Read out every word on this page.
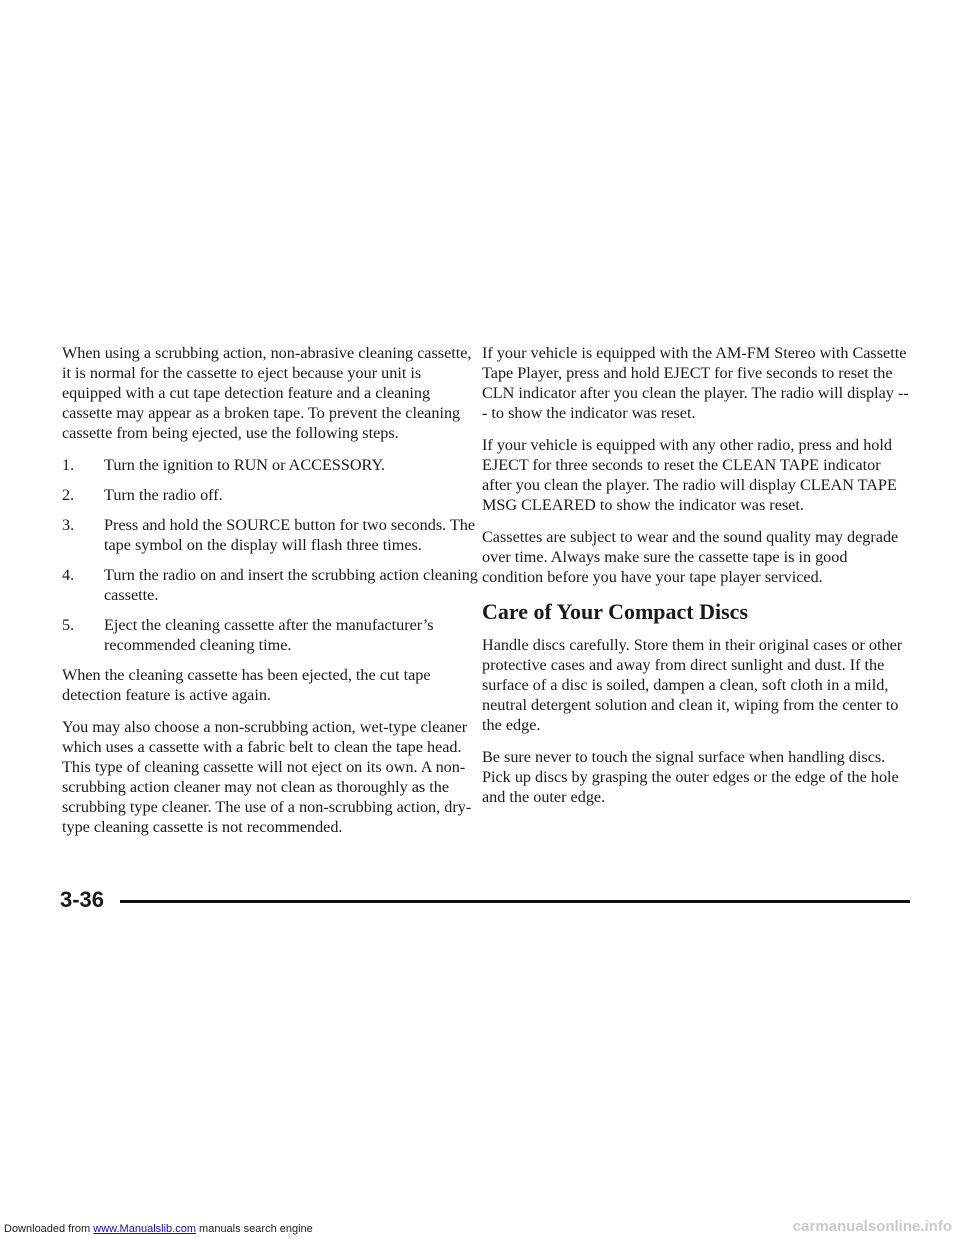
When using a scrubbing action, non-abrasive cleaning cassette, it is normal for the cassette to eject because your unit is equipped with a cut tape detection feature and a cleaning cassette may appear as a broken tape. To prevent the cleaning cassette from being ejected, use the following steps.

1.	Turn the ignition to RUN or ACCESSORY.
2.	Turn the radio off.
3.	Press and hold the SOURCE button for two seconds. The tape symbol on the display will flash three times.
4.	Turn the radio on and insert the scrubbing action cleaning cassette.
5.	Eject the cleaning cassette after the manufacturer’s recommended cleaning time.

When the cleaning cassette has been ejected, the cut tape detection feature is active again.

You may also choose a non-scrubbing action, wet-type cleaner which uses a cassette with a fabric belt to clean the tape head. This type of cleaning cassette will not eject on its own. A non-scrubbing action cleaner may not clean as thoroughly as the scrubbing type cleaner. The use of a non-scrubbing action, dry-type cleaning cassette is not recommended.

If your vehicle is equipped with the AM-FM Stereo with Cassette Tape Player, press and hold EJECT for five seconds to reset the CLN indicator after you clean the player. The radio will display --- to show the indicator was reset.

If your vehicle is equipped with any other radio, press and hold EJECT for three seconds to reset the CLEAN TAPE indicator after you clean the player. The radio will display CLEAN TAPE MSG CLEARED to show the indicator was reset.

Cassettes are subject to wear and the sound quality may degrade over time. Always make sure the cassette tape is in good condition before you have your tape player serviced.

Care of Your Compact Discs

Handle discs carefully. Store them in their original cases or other protective cases and away from direct sunlight and dust. If the surface of a disc is soiled, dampen a clean, soft cloth in a mild, neutral detergent solution and clean it, wiping from the center to the edge.

Be sure never to touch the signal surface when handling discs. Pick up discs by grasping the outer edges or the edge of the hole and the outer edge.

3-36
Downloaded from www.Manualslib.com manuals search engine	carmanualsonline.info
